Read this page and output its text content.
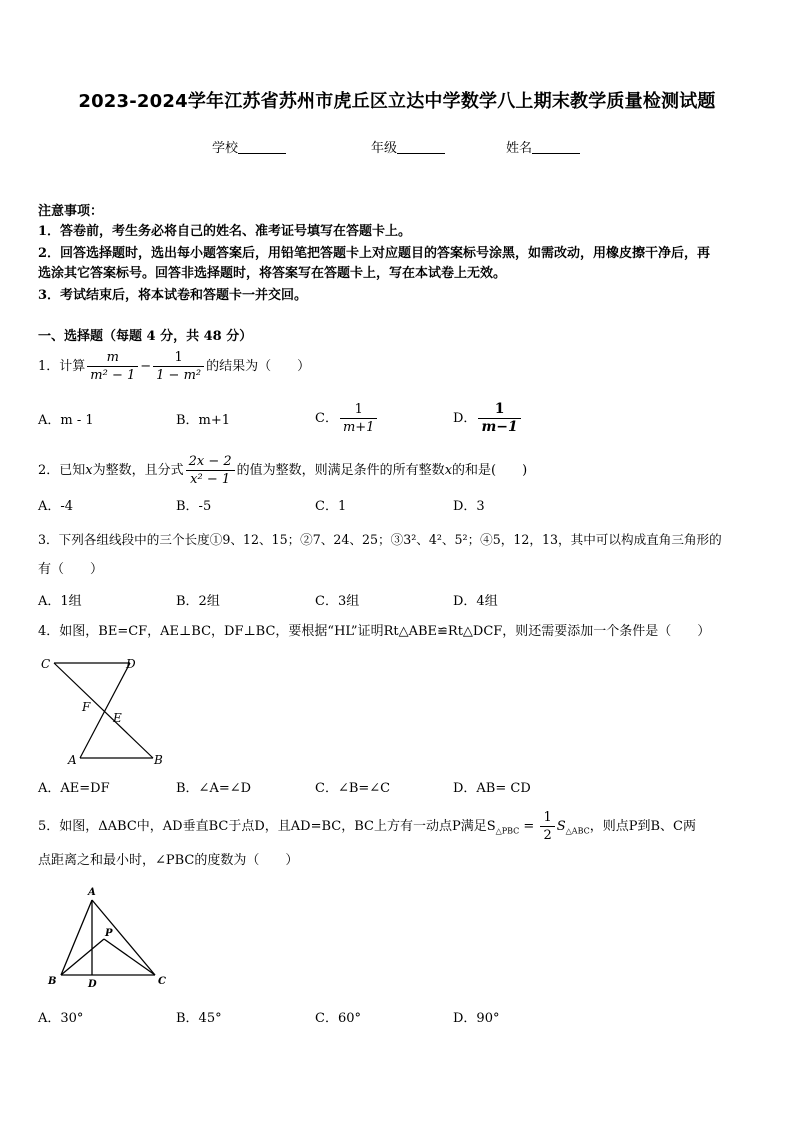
2023-2024学年江苏省苏州市虎丘区立达中学数学八上期末教学质量检测试题
学校	年级	姓名
注意事项：
1．答卷前，考生务必将自己的姓名、准考证号填写在答题卡上。
2．回答选择题时，选出每小题答案后，用铅笔把答题卡上对应题目的答案标号涂黑，如需改动，用橡皮擦干净后，再
选涂其它答案标号。回答非选择题时，将答案写在答题卡上，写在本试卷上无效。
3．考试结束后，将本试卷和答题卡一并交回。
一、选择题（每题 4 分，共 48 分）
1．计算 $\frac{m}{\text{m² − 1}} - \frac{1}{\text{1 − m²}}$ 的结果为（　　）
A．m - 1	B．m+1	C． $\frac{1}{m+1}$	D． $\frac{1}{m-1}$
2．已知x为整数，且分式 $\frac{2x - 2}{\text{x² − 1}}$ 的值为整数，则满足条件的所有整数x的和是(　　)
A．-4	B．-5	C．1	D．3
3．下列各组线段中的三个长度①9、12、15；②7、24、25；③3²、4²、5²；④5，12，13，其中可以构成直角三角形的
有（　　）
A．1组	B．2组	C．3组	D．4组
4．如图，BE=CF，AE⊥BC，DF⊥BC，要根据“HL”证明Rt△ABE≌Rt△DCF，则还需要添加一个条件是（　　）
C	D
F
E
A	B
A．AE=DF	B．∠A=∠D	C．∠B=∠C	D．AB= CD
5．如图，ΔABC中，AD垂直BC于点D，且AD=BC，BC上方有一动点P满足$S_{\triangle PBC} = \frac{1}{2} S_{\triangle ABC}$，则点P到B、C两
点距离之和最小时，∠PBC的度数为（　　）
A
P
B	D	C
A．30°	B．45°	C．60°	D．90°
